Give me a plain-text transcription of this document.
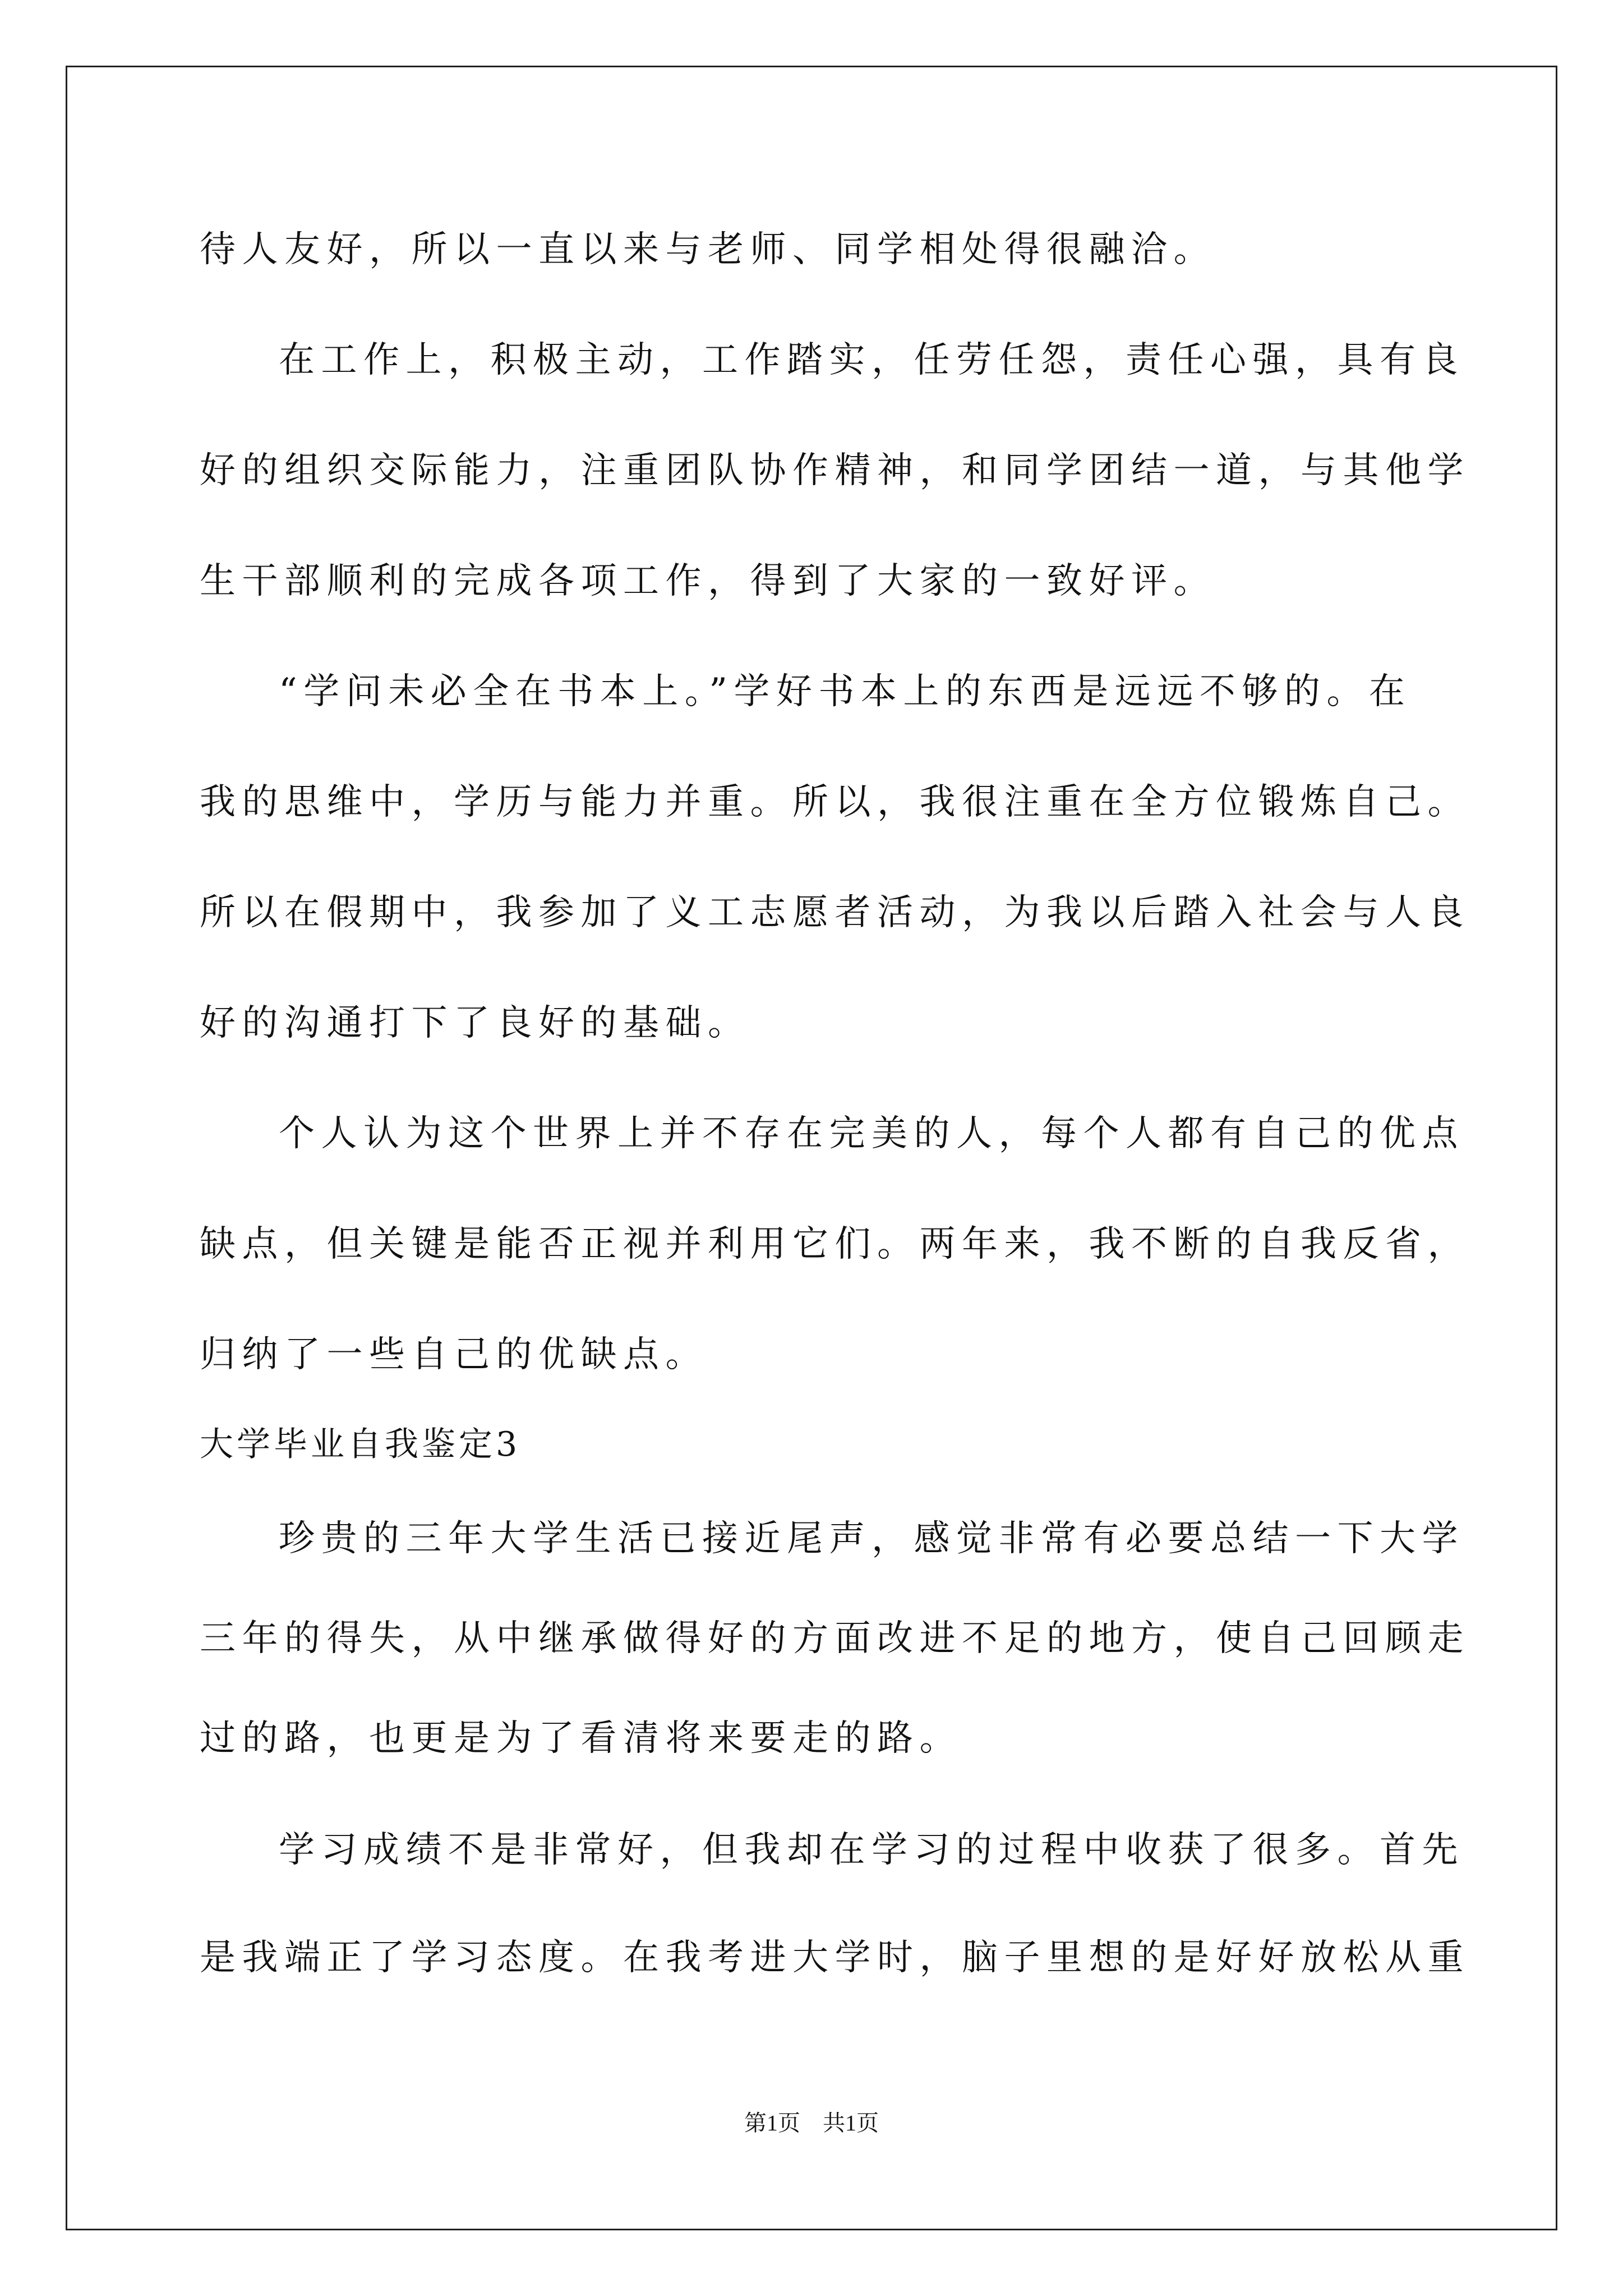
待人友好，所以一直以来与老师、同学相处得很融洽。
在工作上，积极主动，工作踏实，任劳任怨，责任心强，具有良
好的组织交际能力，注重团队协作精神，和同学团结一道，与其他学
生干部顺利的完成各项工作，得到了大家的一致好评。
“学问未必全在书本上。”学好书本上的东西是远远不够的。在
我的思维中，学历与能力并重。所以，我很注重在全方位锻炼自己。
所以在假期中，我参加了义工志愿者活动，为我以后踏入社会与人良
好的沟通打下了良好的基础。
个人认为这个世界上并不存在完美的人，每个人都有自己的优点
缺点，但关键是能否正视并利用它们。两年来，我不断的自我反省，
归纳了一些自己的优缺点。
大学毕业自我鉴定3
珍贵的三年大学生活已接近尾声，感觉非常有必要总结一下大学
三年的得失，从中继承做得好的方面改进不足的地方，使自己回顾走
过的路，也更是为了看清将来要走的路。
学习成绩不是非常好，但我却在学习的过程中收获了很多。首先
是我端正了学习态度。在我考进大学时，脑子里想的是好好放松从重
第1页　共1页
